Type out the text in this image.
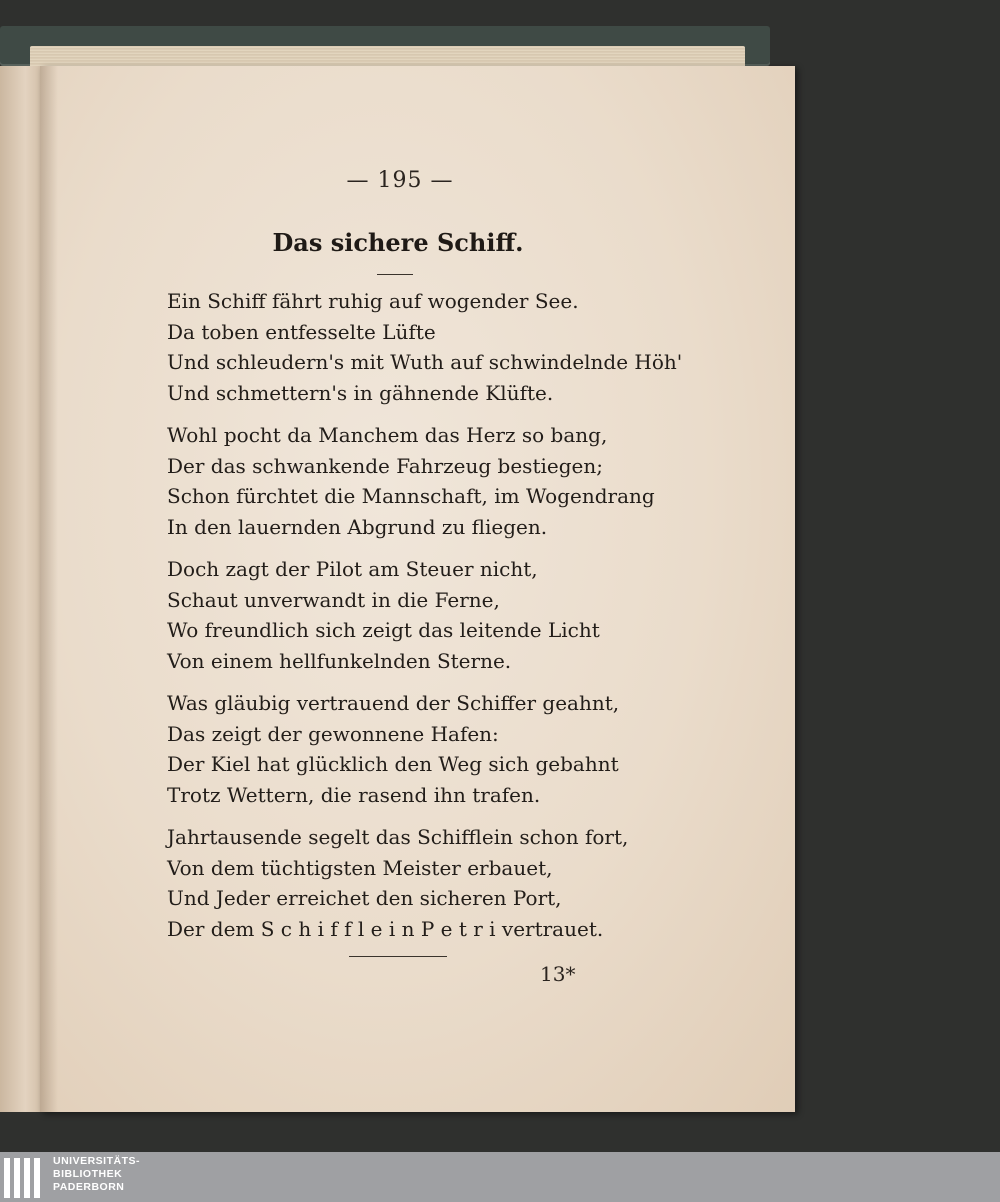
— 195 —
Das sichere Schiff.
Ein Schiff fährt ruhig auf wogender See.
Da toben entfesselte Lüfte
Und schleudern's mit Wuth auf schwindelnde Höh'
Und schmettern's in gähnende Klüfte.
Wohl pocht da Manchem das Herz so bang,
Der das schwankende Fahrzeug bestiegen;
Schon fürchtet die Mannschaft, im Wogendrang
In den lauernden Abgrund zu fliegen.
Doch zagt der Pilot am Steuer nicht,
Schaut unverwandt in die Ferne,
Wo freundlich sich zeigt das leitende Licht
Von einem hellfunkelnden Sterne.
Was gläubig vertrauend der Schiffer geahnt,
Das zeigt der gewonnene Hafen:
Der Kiel hat glücklich den Weg sich gebahnt
Trotz Wettern, die rasend ihn trafen.
Jahrtausende segelt das Schifflein schon fort,
Von dem tüchtigsten Meister erbauet,
Und Jeder erreichet den sicheren Port,
Der dem S c h i f f l e i n P e t r i vertrauet.
13*
UNIVERSITÄTS-
BIBLIOTHEK
PADERBORN
